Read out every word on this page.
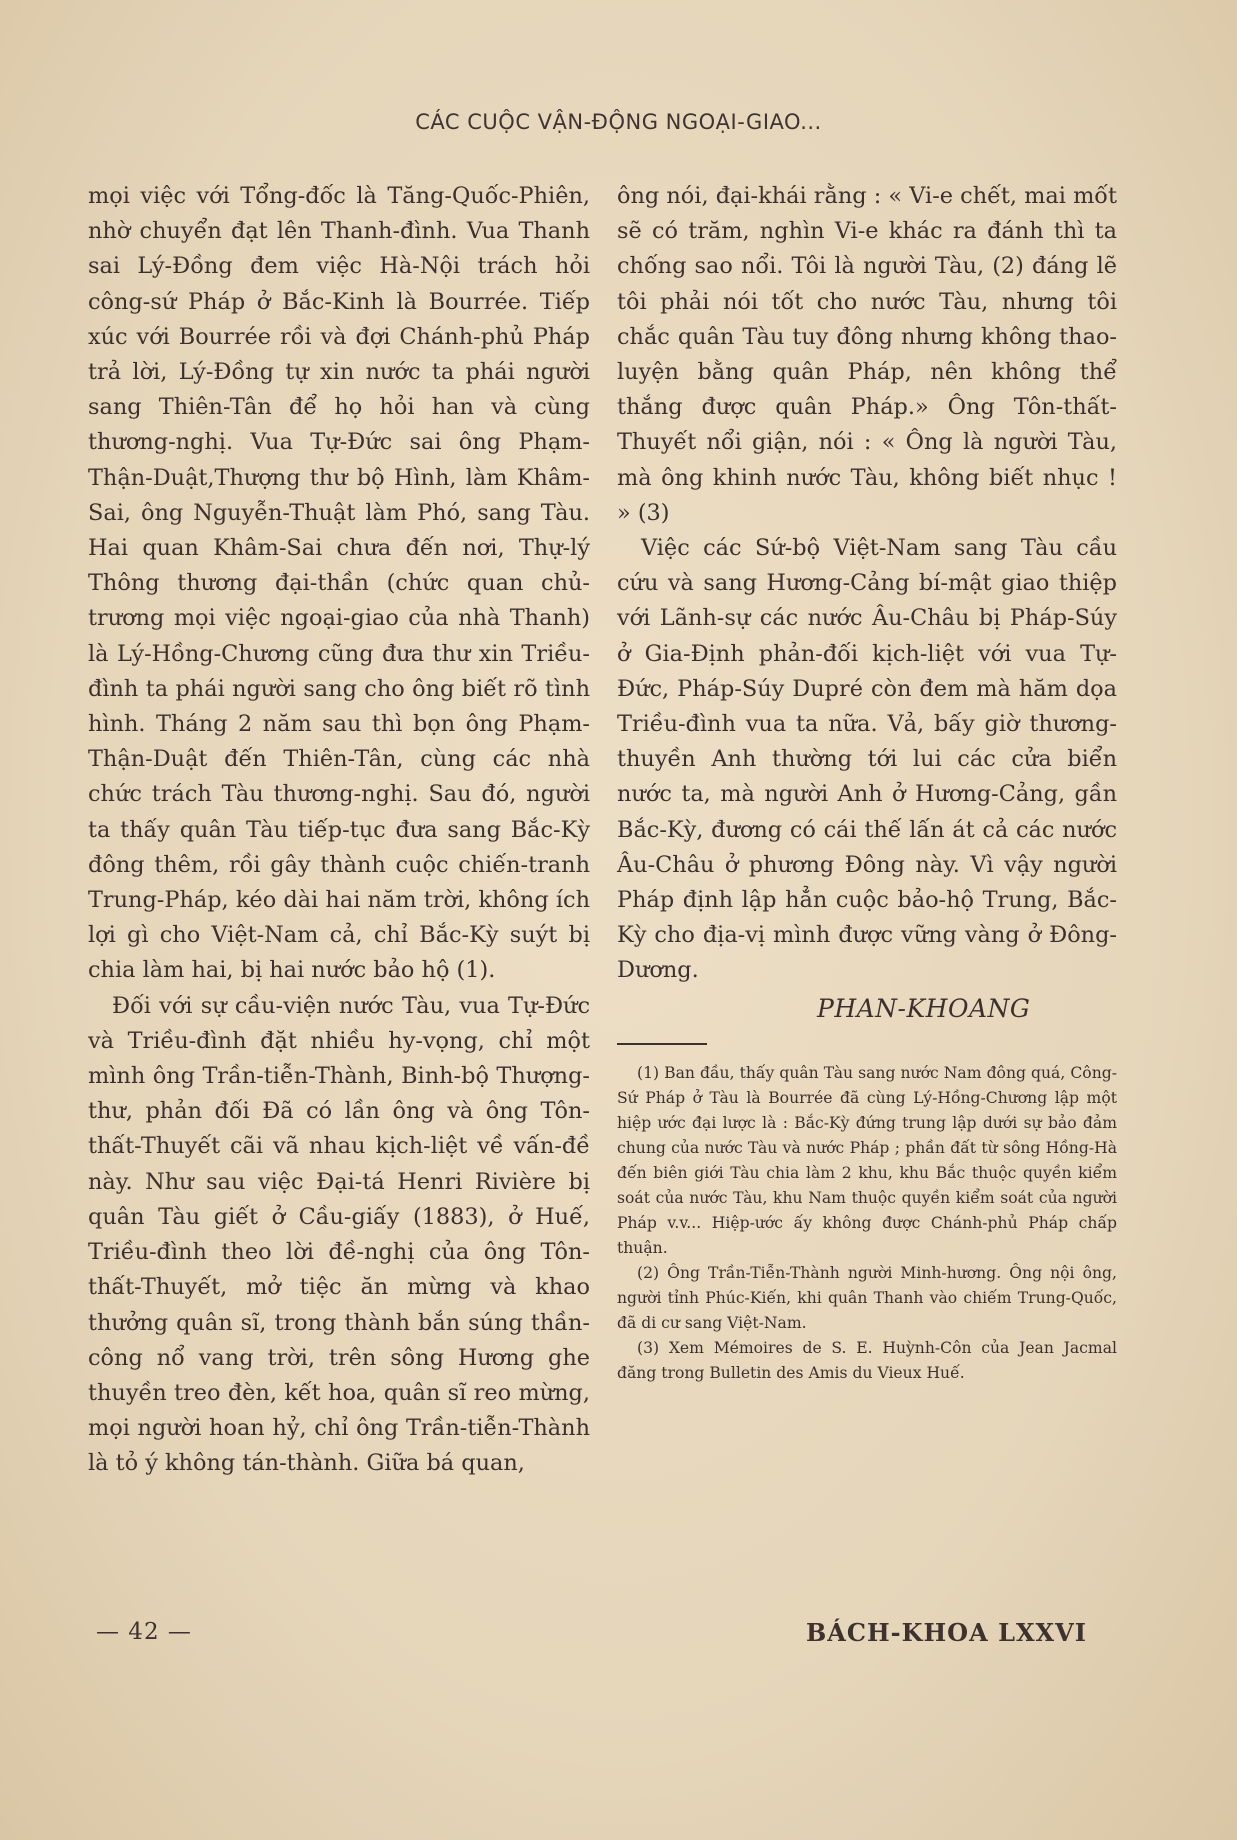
CÁC CUỘC VẬN-ĐỘNG NGOẠI-GIAO...

mọi việc với Tổng-đốc là Tăng-Quốc-Phiên, nhờ chuyển đạt lên Thanh-đình. Vua Thanh sai Lý-Đồng đem việc Hà-Nội trách hỏi công-sứ Pháp ở Bắc-Kinh là Bourrée. Tiếp xúc với Bourrée rồi và đợi Chánh-phủ Pháp trả lời, Lý-Đồng tự xin nước ta phái người sang Thiên-Tân để họ hỏi han và cùng thương-nghị. Vua Tự-Đức sai ông Phạm-Thận-Duật,Thượng thư bộ Hình, làm Khâm-Sai, ông Nguyễn-Thuật làm Phó, sang Tàu. Hai quan Khâm-Sai chưa đến nơi, Thự-lý Thông thương đại-thần (chức quan chủ-trương mọi việc ngoại-giao của nhà Thanh) là Lý-Hồng-Chương cũng đưa thư xin Triều-đình ta phái người sang cho ông biết rõ tình hình. Tháng 2 năm sau thì bọn ông Phạm-Thận-Duật đến Thiên-Tân, cùng các nhà chức trách Tàu thương-nghị. Sau đó, người ta thấy quân Tàu tiếp-tục đưa sang Bắc-Kỳ đông thêm, rồi gây thành cuộc chiến-tranh Trung-Pháp, kéo dài hai năm trời, không ích lợi gì cho Việt-Nam cả, chỉ Bắc-Kỳ suýt bị chia làm hai, bị hai nước bảo hộ (1).

Đối với sự cầu-viện nước Tàu, vua Tự-Đức và Triều-đình đặt nhiều hy-vọng, chỉ một mình ông Trần-tiễn-Thành, Binh-bộ Thượng-thư, phản đối Đã có lần ông và ông Tôn-thất-Thuyết cãi vã nhau kịch-liệt về vấn-đề này. Như sau việc Đại-tá Henri Rivière bị quân Tàu giết ở Cầu-giấy (1883), ở Huế, Triều-đình theo lời đề-nghị của ông Tôn-thất-Thuyết, mở tiệc ăn mừng và khao thưởng quân sĩ, trong thành bắn súng thần-công nổ vang trời, trên sông Hương ghe thuyền treo đèn, kết hoa, quân sĩ reo mừng, mọi người hoan hỷ, chỉ ông Trần-tiễn-Thành là tỏ ý không tán-thành. Giữa bá quan,

ông nói, đại-khái rằng : « Vi-e chết, mai mốt sẽ có trăm, nghìn Vi-e khác ra đánh thì ta chống sao nổi. Tôi là người Tàu, (2) đáng lẽ tôi phải nói tốt cho nước Tàu, nhưng tôi chắc quân Tàu tuy đông nhưng không thao-luyện bằng quân Pháp, nên không thể thắng được quân Pháp.» Ông Tôn-thất-Thuyết nổi giận, nói : « Ông là người Tàu, mà ông khinh nước Tàu, không biết nhục ! » (3)

Việc các Sứ-bộ Việt-Nam sang Tàu cầu cứu và sang Hương-Cảng bí-mật giao thiệp với Lãnh-sự các nước Âu-Châu bị Pháp-Súy ở Gia-Định phản-đối kịch-liệt với vua Tự-Đức, Pháp-Súy Dupré còn đem mà hăm dọa Triều-đình vua ta nữa. Vả, bấy giờ thương-thuyền Anh thường tới lui các cửa biển nước ta, mà người Anh ở Hương-Cảng, gần Bắc-Kỳ, đương có cái thế lấn át cả các nước Âu-Châu ở phương Đông này. Vì vậy người Pháp định lập hẳn cuộc bảo-hộ Trung, Bắc-Kỳ cho địa-vị mình được vững vàng ở Đông-Dương.

PHAN-KHOANG

(1) Ban đầu, thấy quân Tàu sang nước Nam đông quá, Công-Sứ Pháp ở Tàu là Bourrée đã cùng Lý-Hồng-Chương lập một hiệp ước đại lược là : Bắc-Kỳ đứng trung lập dưới sự bảo đảm chung của nước Tàu và nước Pháp ; phần đất từ sông Hồng-Hà đến biên giới Tàu chia làm 2 khu, khu Bắc thuộc quyền kiểm soát của nước Tàu, khu Nam thuộc quyền kiểm soát của người Pháp v.v... Hiệp-ước ấy không được Chánh-phủ Pháp chấp thuận.

(2) Ông Trần-Tiễn-Thành người Minh-hương. Ông nội ông, người tỉnh Phúc-Kiến, khi quân Thanh vào chiếm Trung-Quốc, đã di cư sang Việt-Nam.

(3) Xem Mémoires de S. E. Huỳnh-Côn của Jean Jacmal đăng trong Bulletin des Amis du Vieux Huế.

— 42 —	BÁCH-KHOA LXXVI
